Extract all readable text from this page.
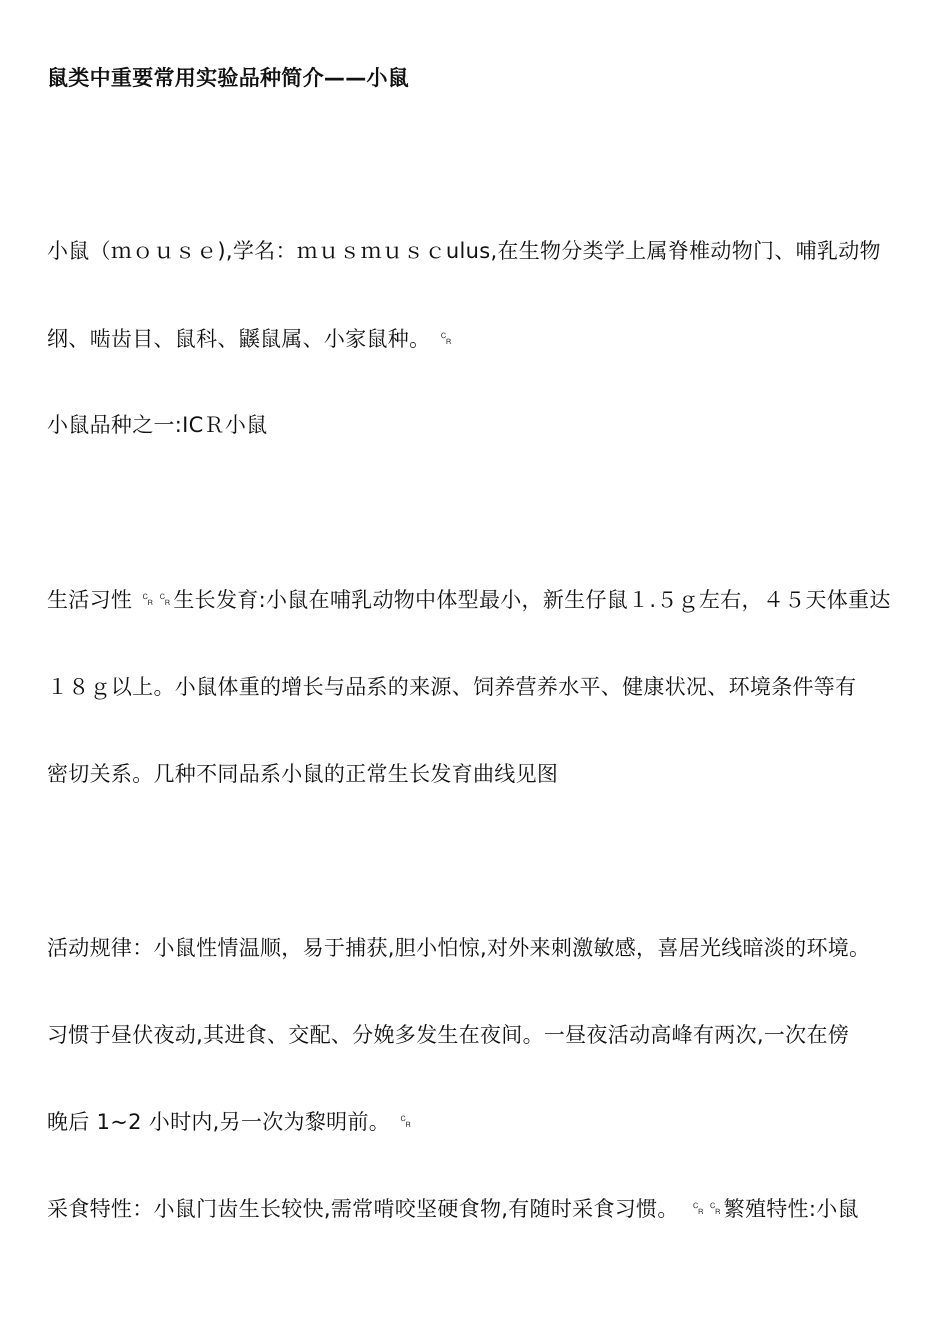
鼠类中重要常用实验品种简介——小鼠
小鼠（ｍｏｕｓｅ),学名：ｍｕｓｍｕｓｃulus,在生物分类学上属脊椎动物门、哺乳动物
纲、啮齿目、鼠科、鼷鼠属、小家鼠种。 ␍
小鼠品种之一:ICＲ小鼠
生活习性 ␍␍生长发育:小鼠在哺乳动物中体型最小，新生仔鼠１.５ｇ左右，４５天体重达
１８ｇ以上。小鼠体重的增长与品系的来源、饲养营养水平、健康状况、环境条件等有
密切关系。几种不同品系小鼠的正常生长发育曲线见图
活动规律：小鼠性情温顺，易于捕获,胆小怕惊,对外来刺激敏感，喜居光线暗淡的环境。
习惯于昼伏夜动,其进食、交配、分娩多发生在夜间。一昼夜活动高峰有两次,一次在傍
晚后 1~2 小时内,另一次为黎明前。 ␍
采食特性：小鼠门齿生长较快,需常啃咬坚硬食物,有随时采食习惯。　␍␍繁殖特性:小鼠
